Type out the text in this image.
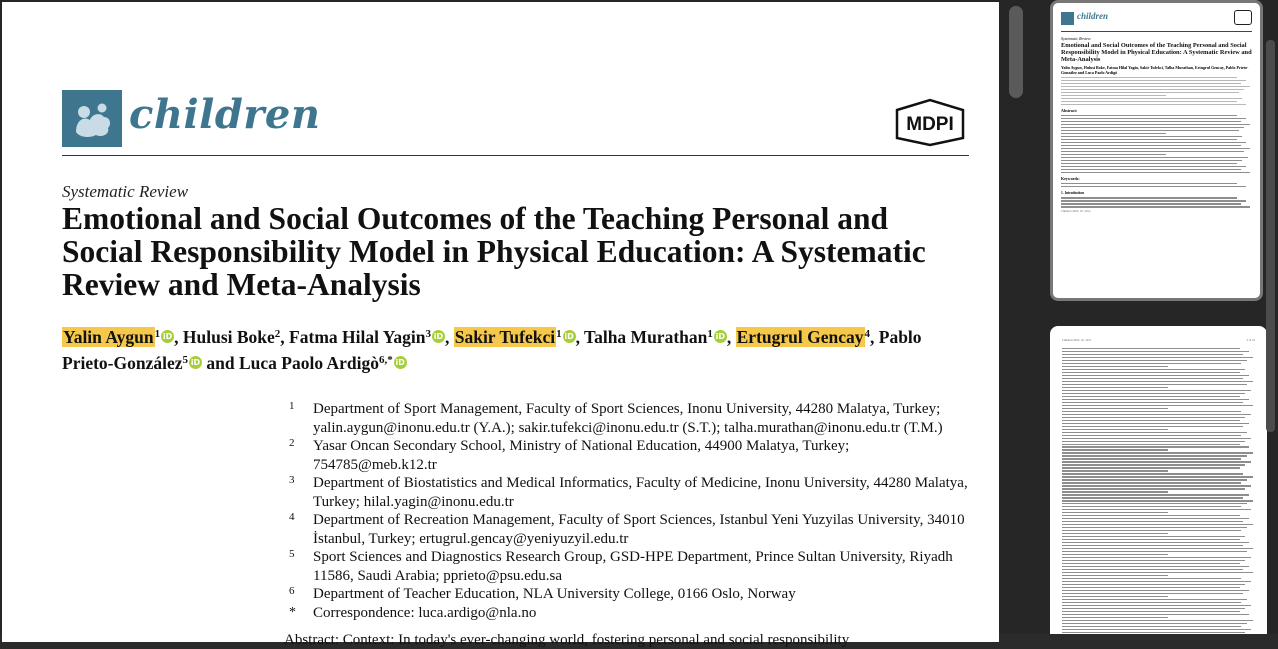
children	MDPI
Systematic Review
Emotional and Social Outcomes of the Teaching Personal and Social Responsibility Model in Physical Education: A Systematic Review and Meta-Analysis
Yalin Aygun$^1$ iD , Hulusi Boke$^2$, Fatma Hilal Yagin$^3$ iD , Sakir Tufekci$^1$ iD , Talha Murathan$^1$ iD , Ertugrul Gencay$^4$, Pablo Prieto-González$^5$ iD and Luca Paolo Ardigò$^{6,*}$ iD
1 Department of Sport Management, Faculty of Sport Sciences, Inonu University, 44280 Malatya, Turkey; yalin.aygun@inonu.edu.tr (Y.A.); sakir.tufekci@inonu.edu.tr (S.T.); talha.murathan@inonu.edu.tr (T.M.)
2 Yasar Oncan Secondary School, Ministry of National Education, 44900 Malatya, Turkey; 754785@meb.k12.tr
3 Department of Biostatistics and Medical Informatics, Faculty of Medicine, Inonu University, 44280 Malatya, Turkey; hilal.yagin@inonu.edu.tr
4 Department of Recreation Management, Faculty of Sport Sciences, Istanbul Yeni Yuzyilas University, 34010 İstanbul, Turkey; ertugrul.gencay@yeniyuzyil.edu.tr
5 Sport Sciences and Diagnostics Research Group, GSD-HPE Department, Prince Sultan University, Riyadh 11586, Saudi Arabia; pprieto@psu.edu.sa
6 Department of Teacher Education, NLA University College, 0166 Oslo, Norway
* Correspondence: luca.ardigo@nla.no
Abstract: Context: In today's ever-changing world, fostering personal and social responsibility
children
Systematic Review
Emotional and Social Outcomes of the Teaching Personal and Social Responsibility Model in Physical Education: A Systematic Review and Meta-Analysis
Yalin Aygun, Hulusi Boke, Fatma Hilal Yagin, Sakir Tufekci, Talha Murathan, Ertugrul Gencay, Pablo Prieto-González and Luca Paolo Ardigò
Abstract:
Keywords:
1. Introduction
Children 2023, 10, 1451.
Children 2023, 10, 1451	2 of 19
